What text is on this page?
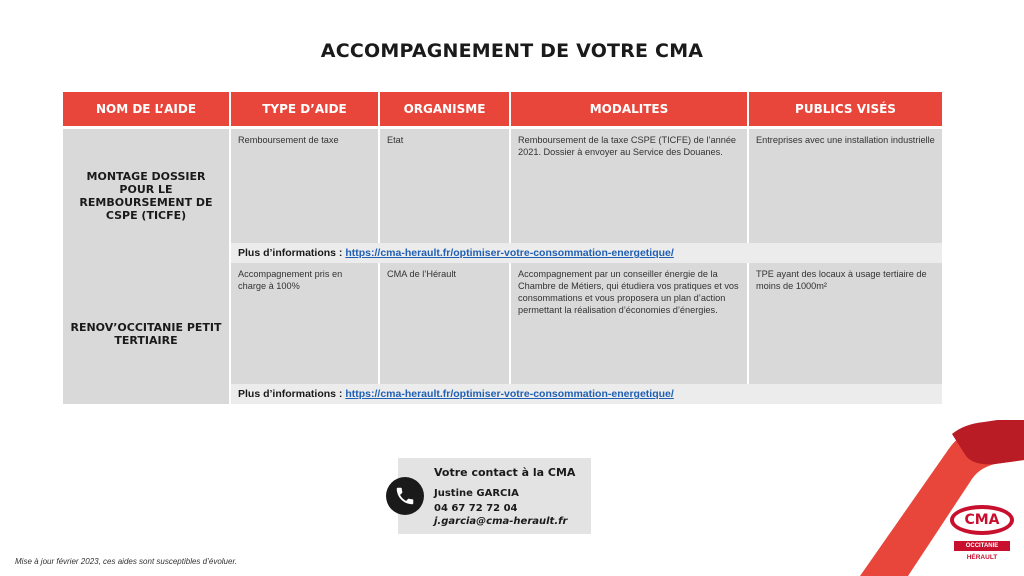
ACCOMPAGNEMENT DE VOTRE CMA
NOM DE L’AIDE	TYPE D’AIDE	ORGANISME	MODALITES	PUBLICS VISÉS

MONTAGE DOSSIER POUR LE REMBOURSEMENT DE CSPE (TICFE)	Remboursement de taxe	Etat	Remboursement de la taxe CSPE (TICFE) de l’année 2021. Dossier à envoyer au Service des Douanes.	Entreprises avec une installation industrielle
	Plus d’informations : https://cma-herault.fr/optimiser-votre-consommation-energetique/			
RENOV’OCCITANIE PETIT TERTIAIRE	Accompagnement pris en charge à 100%	CMA de l’Hérault	Accompagnement par un conseiller énergie de la Chambre de Métiers, qui étudiera vos pratiques et vos consommations et vous proposera un plan d’action permettant la réalisation d’économies d’énergies.	TPE ayant des locaux à usage tertiaire de moins de 1000m²
	Plus d’informations : https://cma-herault.fr/optimiser-votre-consommation-energetique/			
Votre contact à la CMA
Justine GARCIA
04 67 72 72 04
j.garcia@cma-herault.fr
Mise à jour février 2023, ces aides sont susceptibles d’évoluer.
CMA
OCCITANIE
HÉRAULT
